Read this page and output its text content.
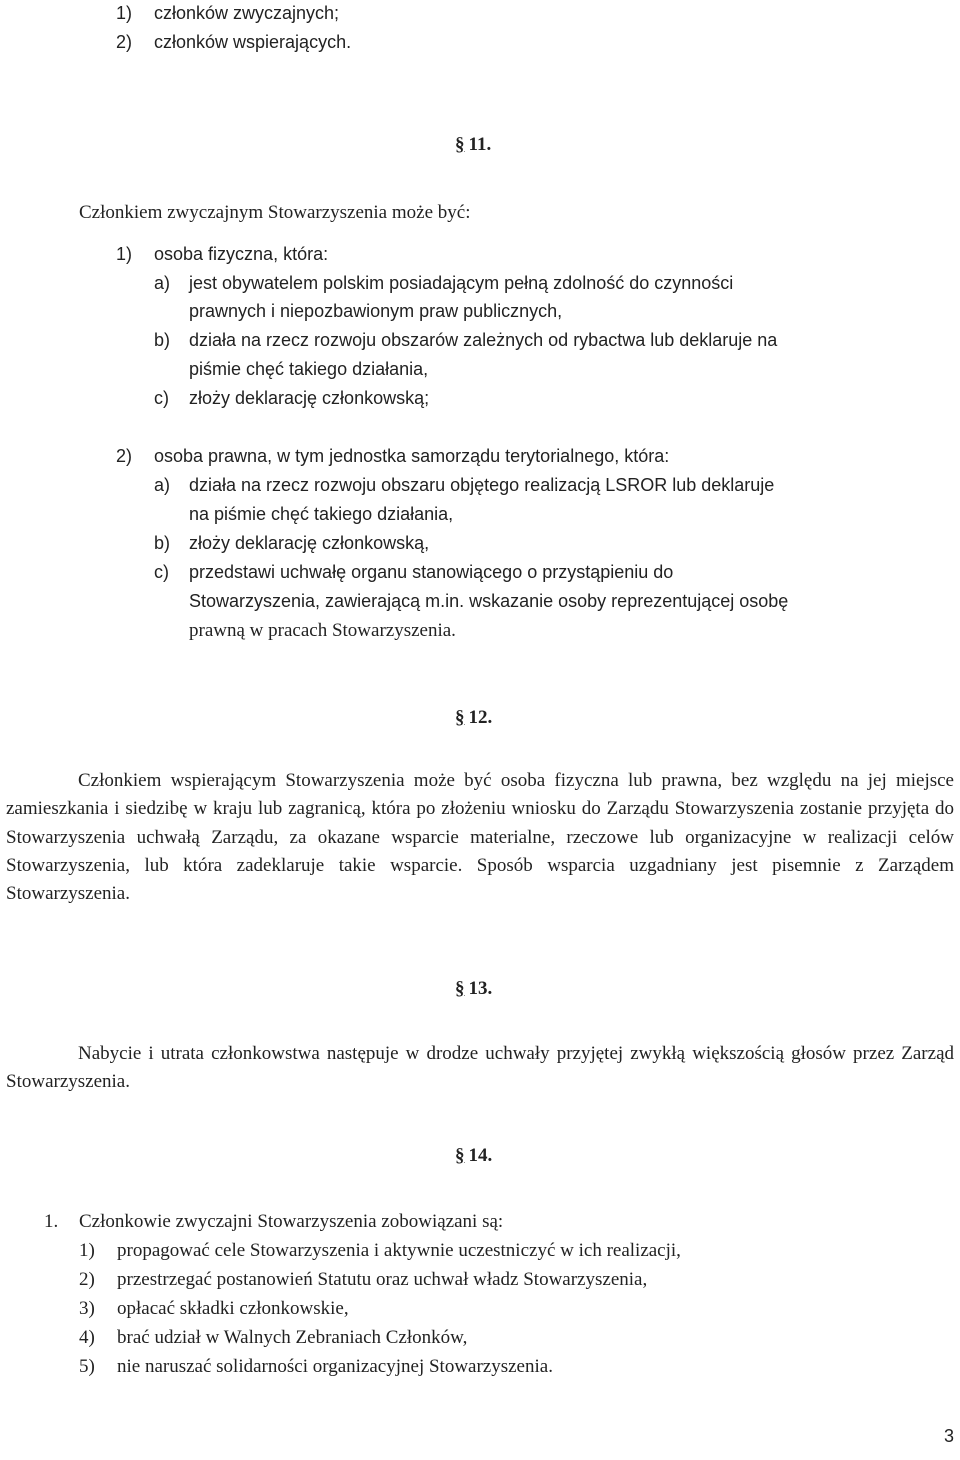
1) członków zwyczajnych;
2) członków wspierających.
§ 11.
Członkiem zwyczajnym Stowarzyszenia może być:
1) osoba fizyczna, która:
a) jest obywatelem polskim posiadającym pełną zdolność do czynności
prawnych i niepozbawionym praw publicznych,
b) działa na rzecz rozwoju obszarów zależnych od rybactwa lub deklaruje na
piśmie chęć takiego działania,
c) złoży deklarację członkowską;
2) osoba prawna, w tym jednostka samorządu terytorialnego, która:
a) działa na rzecz rozwoju obszaru objętego realizacją LSROR lub deklaruje
na piśmie chęć takiego działania,
b) złoży deklarację członkowską,
c) przedstawi uchwałę organu stanowiącego o przystąpieniu do
Stowarzyszenia, zawierającą m.in. wskazanie osoby reprezentującej osobę
prawną w pracach Stowarzyszenia.
§ 12.
Członkiem wspierającym Stowarzyszenia może być osoba fizyczna lub prawna, bez względu na jej miejsce zamieszkania i siedzibę w kraju lub zagranicą, która po złożeniu wniosku do Zarządu Stowarzyszenia zostanie przyjęta do Stowarzyszenia uchwałą Zarządu, za okazane wsparcie materialne, rzeczowe lub organizacyjne w realizacji celów Stowarzyszenia, lub która zadeklaruje takie wsparcie. Sposób wsparcia uzgadniany jest pisemnie z Zarządem Stowarzyszenia.
§ 13.
Nabycie i utrata członkowstwa następuje w drodze uchwały przyjętej zwykłą większością głosów przez Zarząd Stowarzyszenia.
§ 14.
1. Członkowie zwyczajni Stowarzyszenia zobowiązani są:
1) propagować cele Stowarzyszenia i aktywnie uczestniczyć w ich realizacji,
2) przestrzegać postanowień Statutu oraz uchwał władz Stowarzyszenia,
3) opłacać składki członkowskie,
4) brać udział w Walnych Zebraniach Członków,
5) nie naruszać solidarności organizacyjnej Stowarzyszenia.
3
